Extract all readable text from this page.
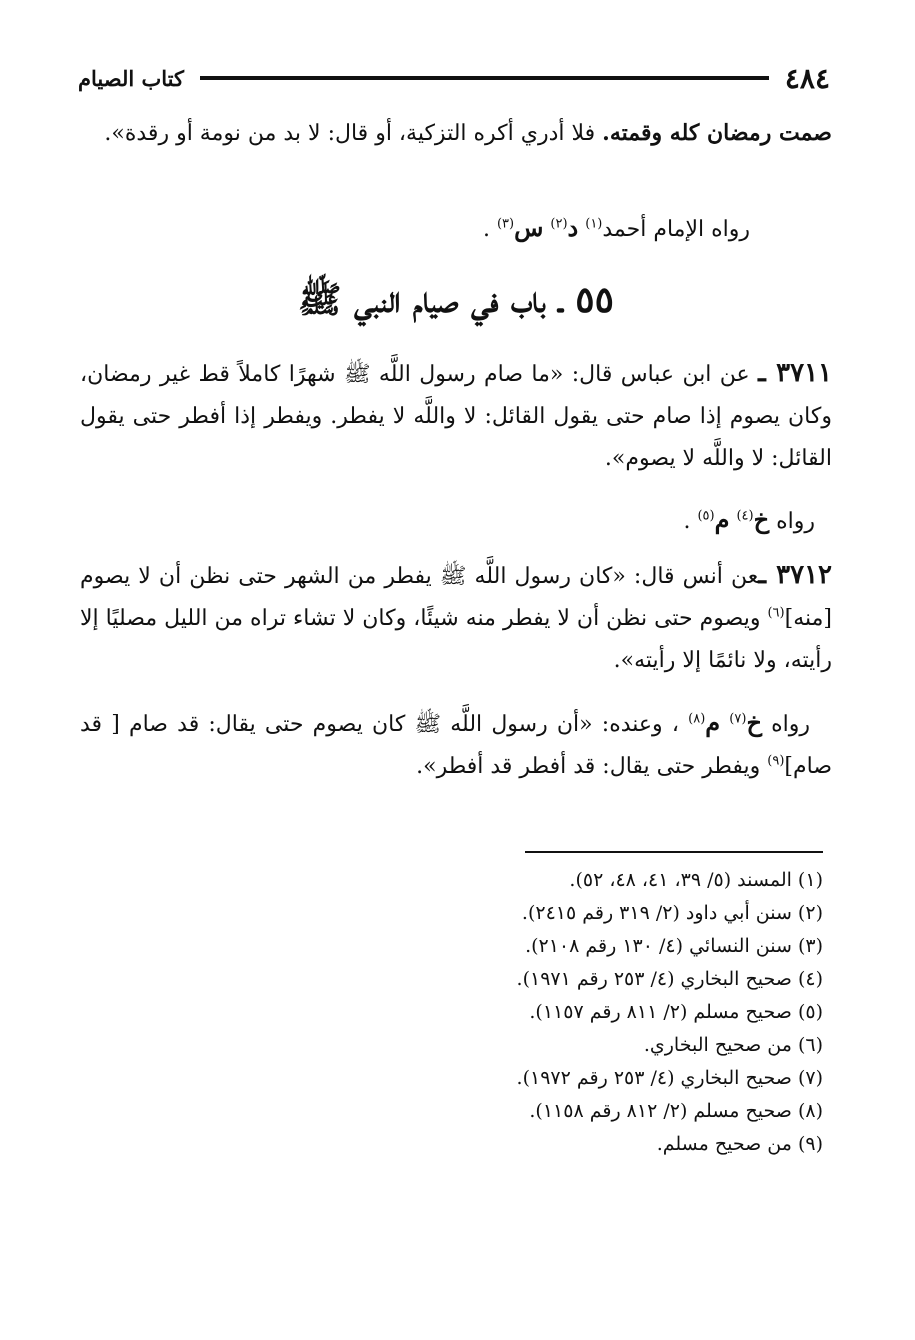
٤٨٤
كتاب الصيام
صمت رمضان كله وقمته. فلا أدري أكره التزكية، أو قال: لا بد من نومة أو رقدة».
رواه الإمام أحمد$^{(١)}$ د$^{(٢)}$ س$^{(٣)}$ .
٥٥ ـ باب في صيام النبي ﷺ
٣٧١١ ـ عن ابن عباس قال: «ما صام رسول اللَّه ﷺ شهرًا كاملاً قط غير رمضان، وكان يصوم إذا صام حتى يقول القائل: لا واللَّه لا يفطر. ويفطر إذا أفطر حتى يقول القائل: لا واللَّه لا يصوم».
رواه خ$^{(٤)}$ م$^{(٥)}$ .
٣٧١٢ ـعن أنس قال: «كان رسول اللَّه ﷺ يفطر من الشهر حتى نظن أن لا يصوم [منه]$^{(٦)}$ ويصوم حتى نظن أن لا يفطر منه شيئًا، وكان لا تشاء تراه من الليل مصليًا إلا رأيته، ولا نائمًا إلا رأيته».
رواه خ$^{(٧)}$ م$^{(٨)}$ ، وعنده: «أن رسول اللَّه ﷺ كان يصوم حتى يقال: قد صام [ قد صام]$^{(٩)}$ ويفطر حتى يقال: قد أفطر قد أفطر».
(١) المسند (٥/ ٣٩، ٤١، ٤٨، ٥٢).
(٢) سنن أبي داود (٢/ ٣١٩ رقم ٢٤١٥).
(٣) سنن النسائي (٤/ ١٣٠ رقم ٢١٠٨).
(٤) صحيح البخاري (٤/ ٢٥٣ رقم ١٩٧١).
(٥) صحيح مسلم (٢/ ٨١١ رقم ١١٥٧).
(٦) من صحيح البخاري.
(٧) صحيح البخاري (٤/ ٢٥٣ رقم ١٩٧٢).
(٨) صحيح مسلم (٢/ ٨١٢ رقم ١١٥٨).
(٩) من صحيح مسلم.
